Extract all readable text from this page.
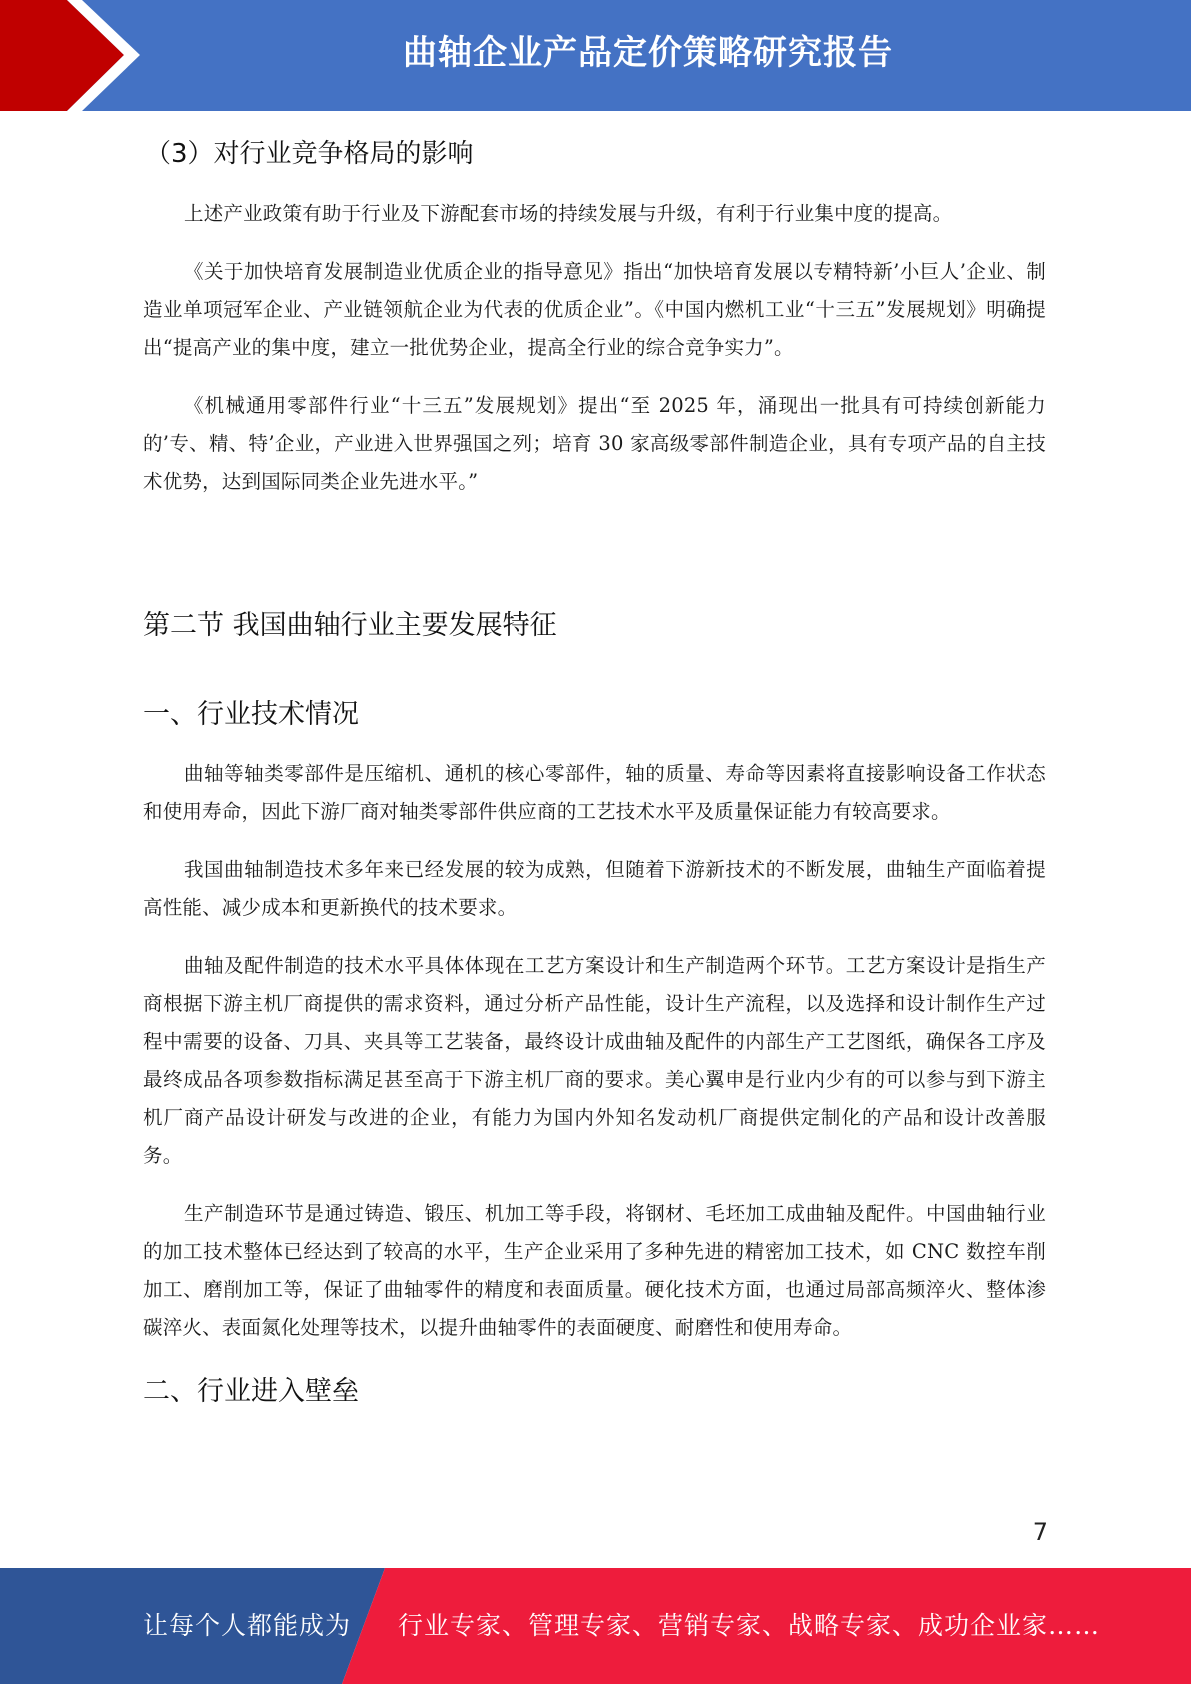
曲轴企业产品定价策略研究报告
（3）对行业竞争格局的影响

上述产业政策有助于行业及下游配套市场的持续发展与升级，有利于行业集中度的提高。

《关于加快培育发展制造业优质企业的指导意见》指出“加快培育发展以专精特新’小巨人’企业、制造业单项冠军企业、产业链领航企业为代表的优质企业”。《中国内燃机工业“十三五”发展规划》明确提出“提高产业的集中度，建立一批优势企业，提高全行业的综合竞争实力”。

《机械通用零部件行业“十三五”发展规划》提出“至 2025 年，涌现出一批具有可持续创新能力的’专、精、特’企业，产业进入世界强国之列；培育 30 家高级零部件制造企业，具有专项产品的自主技术优势，达到国际同类企业先进水平。”

第二节 我国曲轴行业主要发展特征
一、行业技术情况

曲轴等轴类零部件是压缩机、通机的核心零部件，轴的质量、寿命等因素将直接影响设备工作状态和使用寿命，因此下游厂商对轴类零部件供应商的工艺技术水平及质量保证能力有较高要求。

我国曲轴制造技术多年来已经发展的较为成熟，但随着下游新技术的不断发展，曲轴生产面临着提高性能、减少成本和更新换代的技术要求。

曲轴及配件制造的技术水平具体体现在工艺方案设计和生产制造两个环节。工艺方案设计是指生产商根据下游主机厂商提供的需求资料，通过分析产品性能，设计生产流程，以及选择和设计制作生产过程中需要的设备、刀具、夹具等工艺装备，最终设计成曲轴及配件的内部生产工艺图纸，确保各工序及最终成品各项参数指标满足甚至高于下游主机厂商的要求。美心翼申是行业内少有的可以参与到下游主机厂商产品设计研发与改进的企业，有能力为国内外知名发动机厂商提供定制化的产品和设计改善服务。

生产制造环节是通过铸造、锻压、机加工等手段，将钢材、毛坯加工成曲轴及配件。中国曲轴行业的加工技术整体已经达到了较高的水平，生产企业采用了多种先进的精密加工技术，如 CNC 数控车削加工、磨削加工等，保证了曲轴零件的精度和表面质量。硬化技术方面，也通过局部高频淬火、整体渗碳淬火、表面氮化处理等技术，以提升曲轴零件的表面硬度、耐磨性和使用寿命。

二、行业进入壁垒
7
让每个人都能成为 行业专家、管理专家、营销专家、战略专家、成功企业家……
